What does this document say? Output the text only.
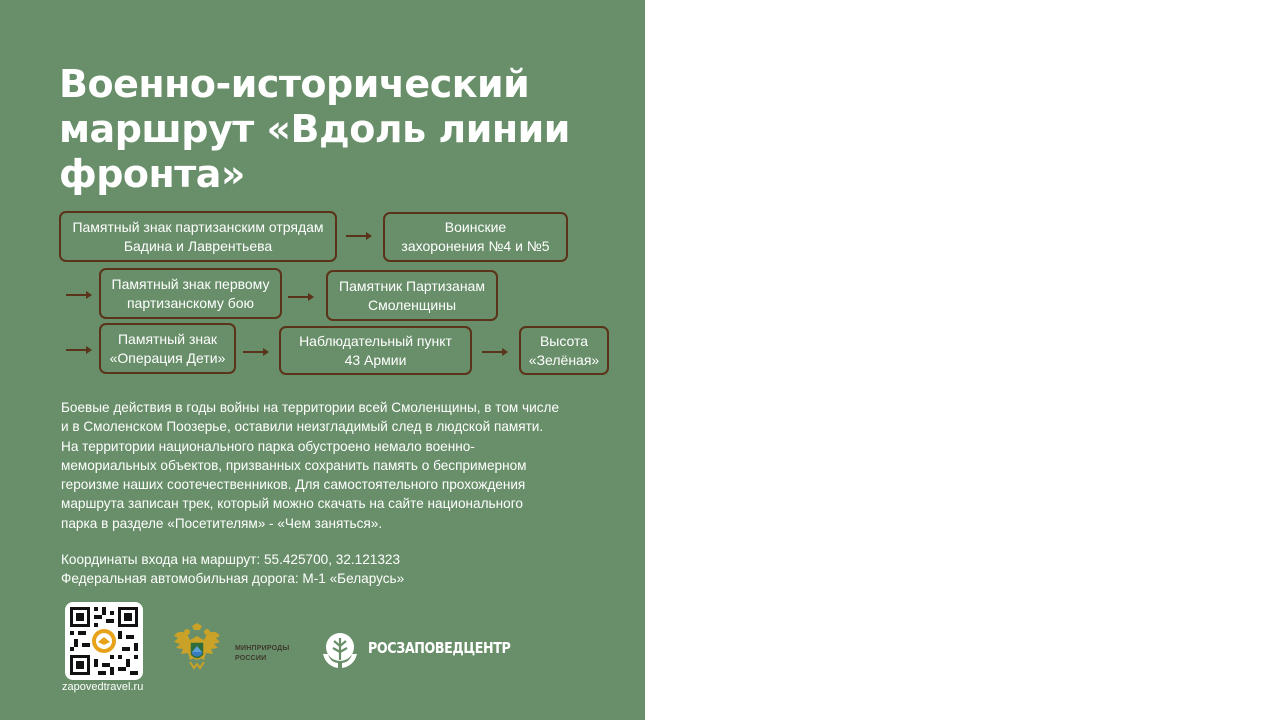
Военно-исторический
маршрут «Вдоль линии
фронта»
Памятный знак партизанским отрядам
Бадина и Лаврентьева
Воинские
захоронения №4 и №5
Памятный знак первому
партизанскому бою
Памятник Партизанам
Смоленщины
Памятный знак
«Операция Дети»
Наблюдательный пункт
43 Армии
Высота
«Зелёная»

Боевые действия в годы войны на территории всей Смоленщины, в том числе
и в Смоленском Поозерье, оставили неизгладимый след в людской памяти.
На территории национального парка обустроено немало военно-
мемориальных объектов, призванных сохранить память о беспримерном
героизме наших соотечественников. Для самостоятельного прохождения
маршрута записан трек, который можно скачать на сайте национального
парка в разделе «Посетителям» - «Чем заняться».

Координаты входа на маршрут: 55.425700, 32.121323
Федеральная автомобильная дорога: М-1 «Беларусь»

zapovedtravel.ru
МИНПРИРОДЫ
РОССИИ
РОСЗАПОВЕДЦЕНТР
